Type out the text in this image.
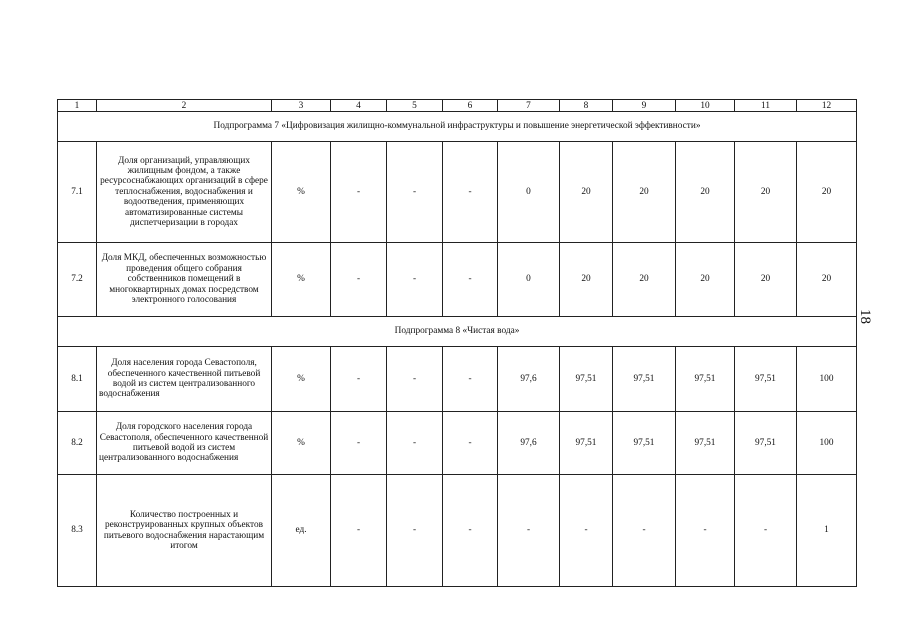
1	2	3	4	5	6	7	8	9	10	11	12
Подпрограмма 7 «Цифровизация жилищно-коммунальной инфраструктуры и повышение энергетической эффективности»											
7.1	Доля организаций, управляющих жилищным фондом, а также ресурсоснабжающих организаций в сфере теплоснабжения, водоснабжения и водоотведения, применяющих автоматизированные системы диспетчеризации в городах	%	-	-	-	0	20	20	20	20	20
7.2	Доля МКД, обеспеченных возможностью проведения общего собрания собственников помещений в многоквартирных домах посредством электронного голосования	%	-	-	-	0	20	20	20	20	20
Подпрограмма 8 «Чистая вода»											
8.1	Доля населения города Севастополя, обеспеченного качественной питьевой водой из систем централизованного водоснабжения	%	-	-	-	97,6	97,51	97,51	97,51	97,51	100
8.2	Доля городского населения города Севастополя, обеспеченного качественной питьевой водой из систем централизованного водоснабжения	%	-	-	-	97,6	97,51	97,51	97,51	97,51	100
8.3	Количество построенных и реконструированных крупных объектов питьевого водоснабжения нарастающим итогом	ед.	-	-	-	-	-	-	-	-	1
18
